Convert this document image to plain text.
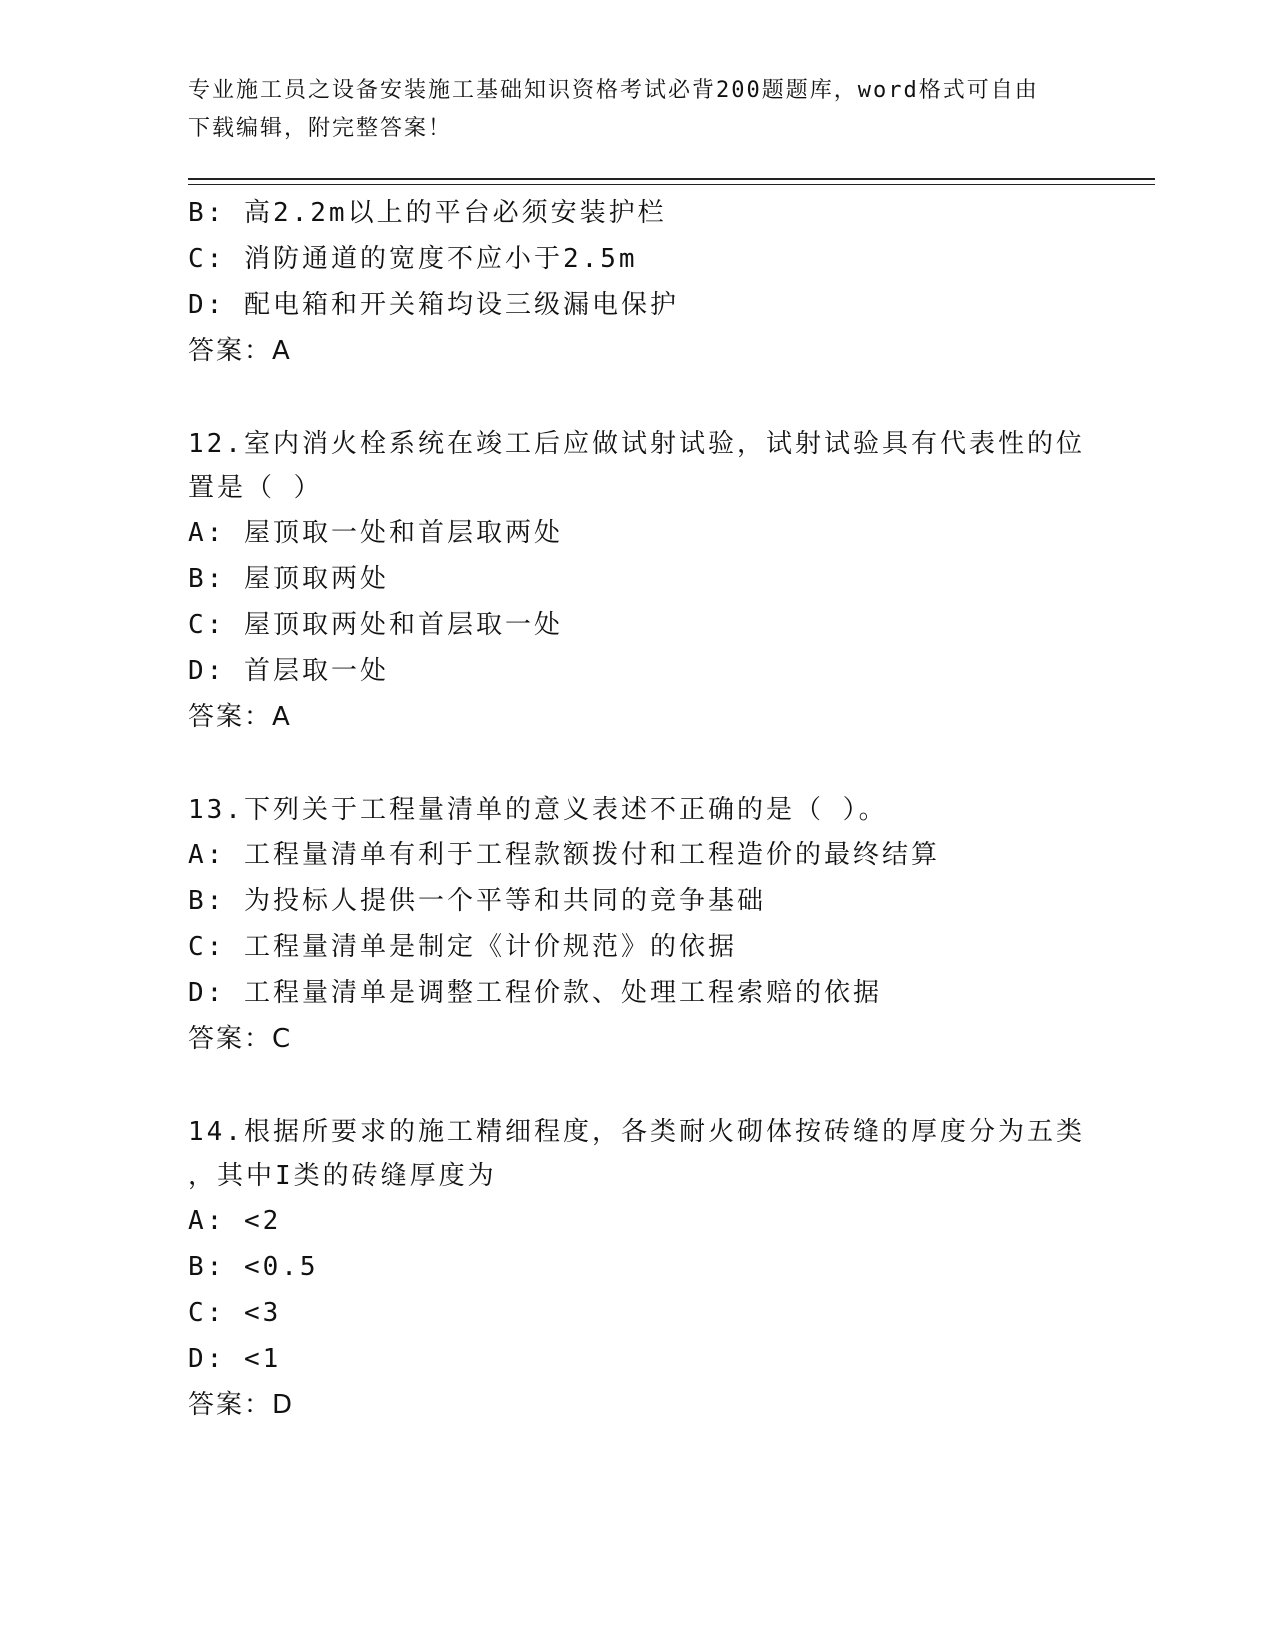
专业施工员之设备安装施工基础知识资格考试必背200题题库，word格式可自由
下载编辑，附完整答案！
B: 高2.2m以上的平台必须安装护栏
C: 消防通道的宽度不应小于2.5m
D: 配电箱和开关箱均设三级漏电保护
答案：A
12.室内消火栓系统在竣工后应做试射试验，试射试验具有代表性的位
置是（ ）
A: 屋顶取一处和首层取两处
B: 屋顶取两处
C: 屋顶取两处和首层取一处
D: 首层取一处
答案：A
13.下列关于工程量清单的意义表述不正确的是（ ）。
A: 工程量清单有利于工程款额拨付和工程造价的最终结算
B: 为投标人提供一个平等和共同的竞争基础
C: 工程量清单是制定《计价规范》的依据
D: 工程量清单是调整工程价款、处理工程索赔的依据
答案：C
14.根据所要求的施工精细程度，各类耐火砌体按砖缝的厚度分为五类
，其中I类的砖缝厚度为
A: <2
B: <0.5
C: <3
D: <1
答案：D
